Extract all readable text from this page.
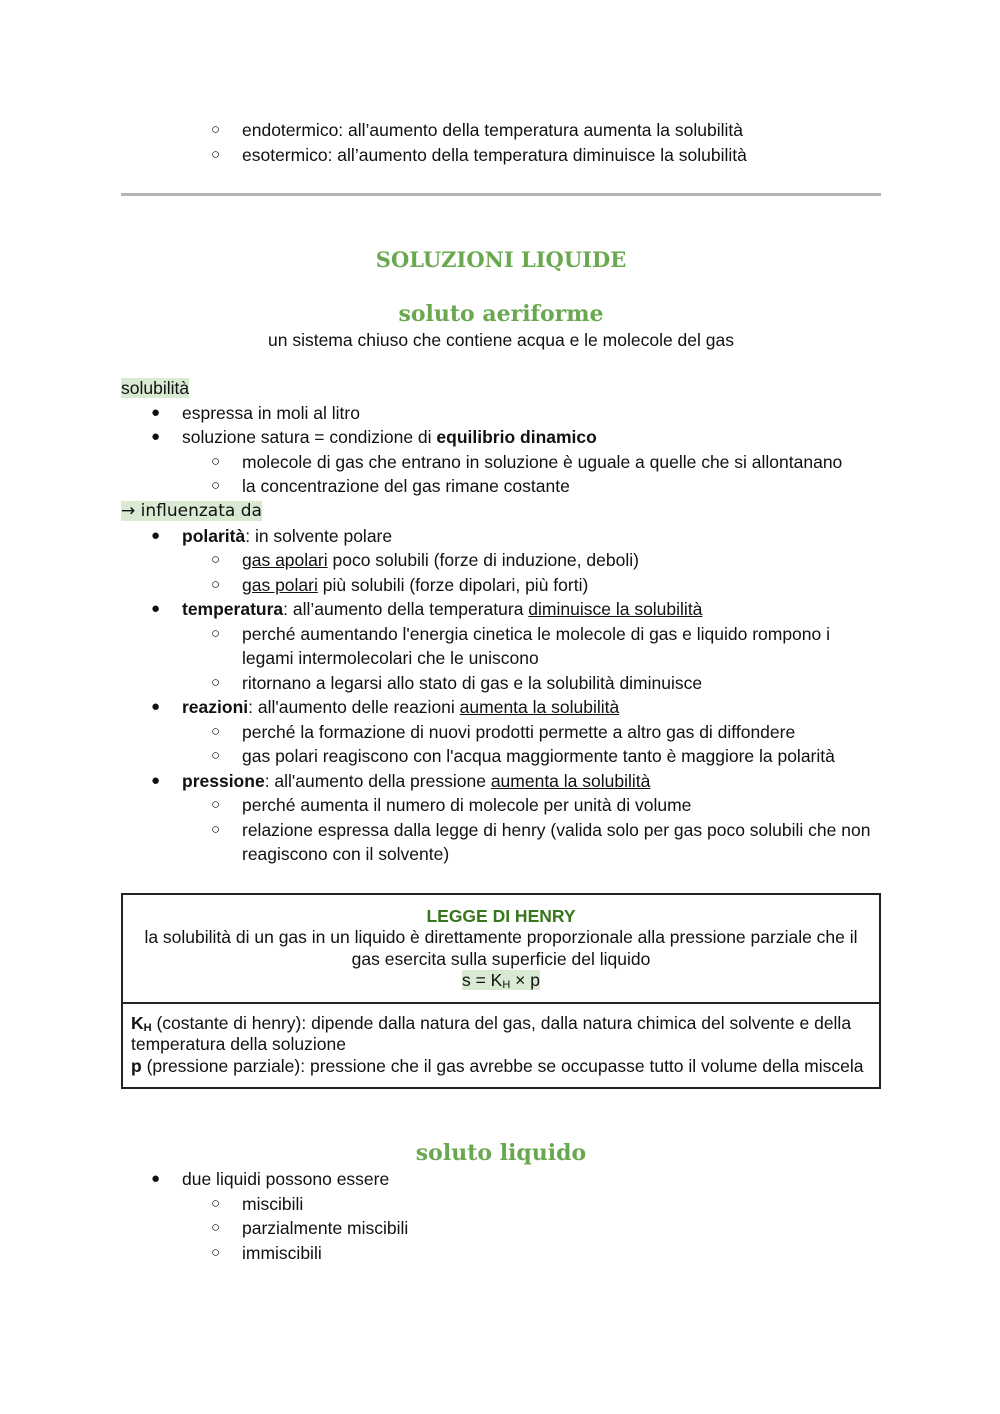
○ endotermico: all’aumento della temperatura aumenta la solubilità
○ esotermico: all’aumento della temperatura diminuisce la solubilità
SOLUZIONI LIQUIDE
soluto aeriforme
un sistema chiuso che contiene acqua e le molecole del gas
solubilità
● espressa in moli al litro
● soluzione satura = condizione di equilibrio dinamico
○ molecole di gas che entrano in soluzione è uguale a quelle che si allontanano
○ la concentrazione del gas rimane costante
→ influenzata da
● polarità: in solvente polare
○ gas apolari poco solubili (forze di induzione, deboli)
○ gas polari più solubili (forze dipolari, più forti)
● temperatura: all’aumento della temperatura diminuisce la solubilità
○ perché aumentando l'energia cinetica le molecole di gas e liquido rompono i legami intermolecolari che le uniscono
○ ritornano a legarsi allo stato di gas e la solubilità diminuisce
● reazioni: all'aumento delle reazioni aumenta la solubilità
○ perché la formazione di nuovi prodotti permette a altro gas di diffondere
○ gas polari reagiscono con l'acqua maggiormente tanto è maggiore la polarità
● pressione: all'aumento della pressione aumenta la solubilità
○ perché aumenta il numero di molecole per unità di volume
○ relazione espressa dalla legge di henry (valida solo per gas poco solubili che non reagiscono con il solvente)
LEGGE DI HENRY
la solubilità di un gas in un liquido è direttamente proporzionale alla pressione parziale che il gas esercita sulla superficie del liquido
$s = K_H \times p$
$K_H$ (costante di henry): dipende dalla natura del gas, dalla natura chimica del solvente e della temperatura della soluzione
p (pressione parziale): pressione che il gas avrebbe se occupasse tutto il volume della miscela
soluto liquido
● due liquidi possono essere
○ miscibili
○ parzialmente miscibili
○ immiscibili
